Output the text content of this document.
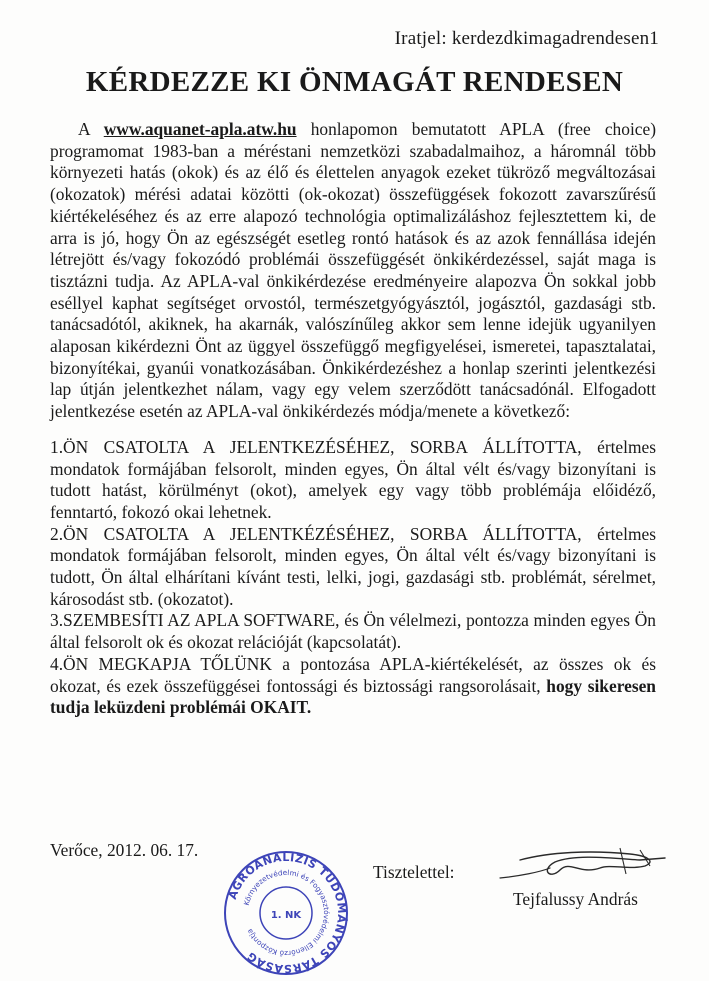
Iratjel: kerdezdkimagadrendesen1
KÉRDEZZE KI ÖNMAGÁT RENDESEN

A www.aquanet-apla.atw.hu honlapomon bemutatott APLA (free choice) programomat 1983-ban a méréstani nemzetközi szabadalmaihoz, a háromnál több környezeti hatás (okok) és az élő és élettelen anyagok ezeket tükröző megváltozásai (okozatok) mérési adatai közötti (ok-okozat) összefüggések fokozott zavarszűrésű kiértékeléséhez és az erre alapozó technológia optimalizáláshoz fejlesztettem ki, de arra is jó, hogy Ön az egészségét esetleg rontó hatások és az azok fennállása idején létrejött és/vagy fokozódó problémái összefüggését önkikérdezéssel, saját maga is tisztázni tudja. Az APLA-val önkikérdezése eredményeire alapozva Ön sokkal jobb eséllyel kaphat segítséget orvostól, természetgyógyásztól, jogásztól, gazdasági stb. tanácsadótól, akiknek, ha akarnák, valószínűleg akkor sem lenne idejük ugyanilyen alaposan kikérdezni Önt az üggyel összefüggő megfigyelései, ismeretei, tapasztalatai, bizonyítékai, gyanúi vonatkozásában. Önkikérdezéshez a honlap szerinti jelentkezési lap útján jelentkezhet nálam, vagy egy velem szerződött tanácsadónál. Elfogadott jelentkezése esetén az APLA-val önkikérdezés módja/menete a következő:

1.ÖN CSATOLTA A JELENTKEZÉSÉHEZ, SORBA ÁLLÍTOTTA, értelmes mondatok formájában felsorolt, minden egyes, Ön által vélt és/vagy bizonyítani is tudott hatást, körülményt (okot), amelyek egy vagy több problémája előidéző, fenntartó, fokozó okai lehetnek.

2.ÖN CSATOLTA A JELENTKÉZÉSÉHEZ, SORBA ÁLLÍTOTTA, értelmes mondatok formájában felsorolt, minden egyes, Ön által vélt és/vagy bizonyítani is tudott, Ön által elhárítani kívánt testi, lelki, jogi, gazdasági stb. problémát, sérelmet, károsodást stb. (okozatot).

3.SZEMBESÍTI AZ APLA SOFTWARE, és Ön vélelmezi, pontozza minden egyes Ön által felsorolt ok és okozat relációját (kapcsolatát).

4.ÖN MEGKAPJA TŐLÜNK a pontozása APLA-kiértékelését, az összes ok és okozat, és ezek összefüggései fontossági és biztossági rangsorolásait, hogy sikeresen tudja leküzdeni problémái OKAIT.

Verőce, 2012. 06. 17.
Tisztelettel:
Tejfalussy András
AGROANALIZIS TUDOMÁNYOS TÁRSASÁG
Környezetvédelmi és Fogyasztóvédelmi Ellenőrző Központja
1. NK
